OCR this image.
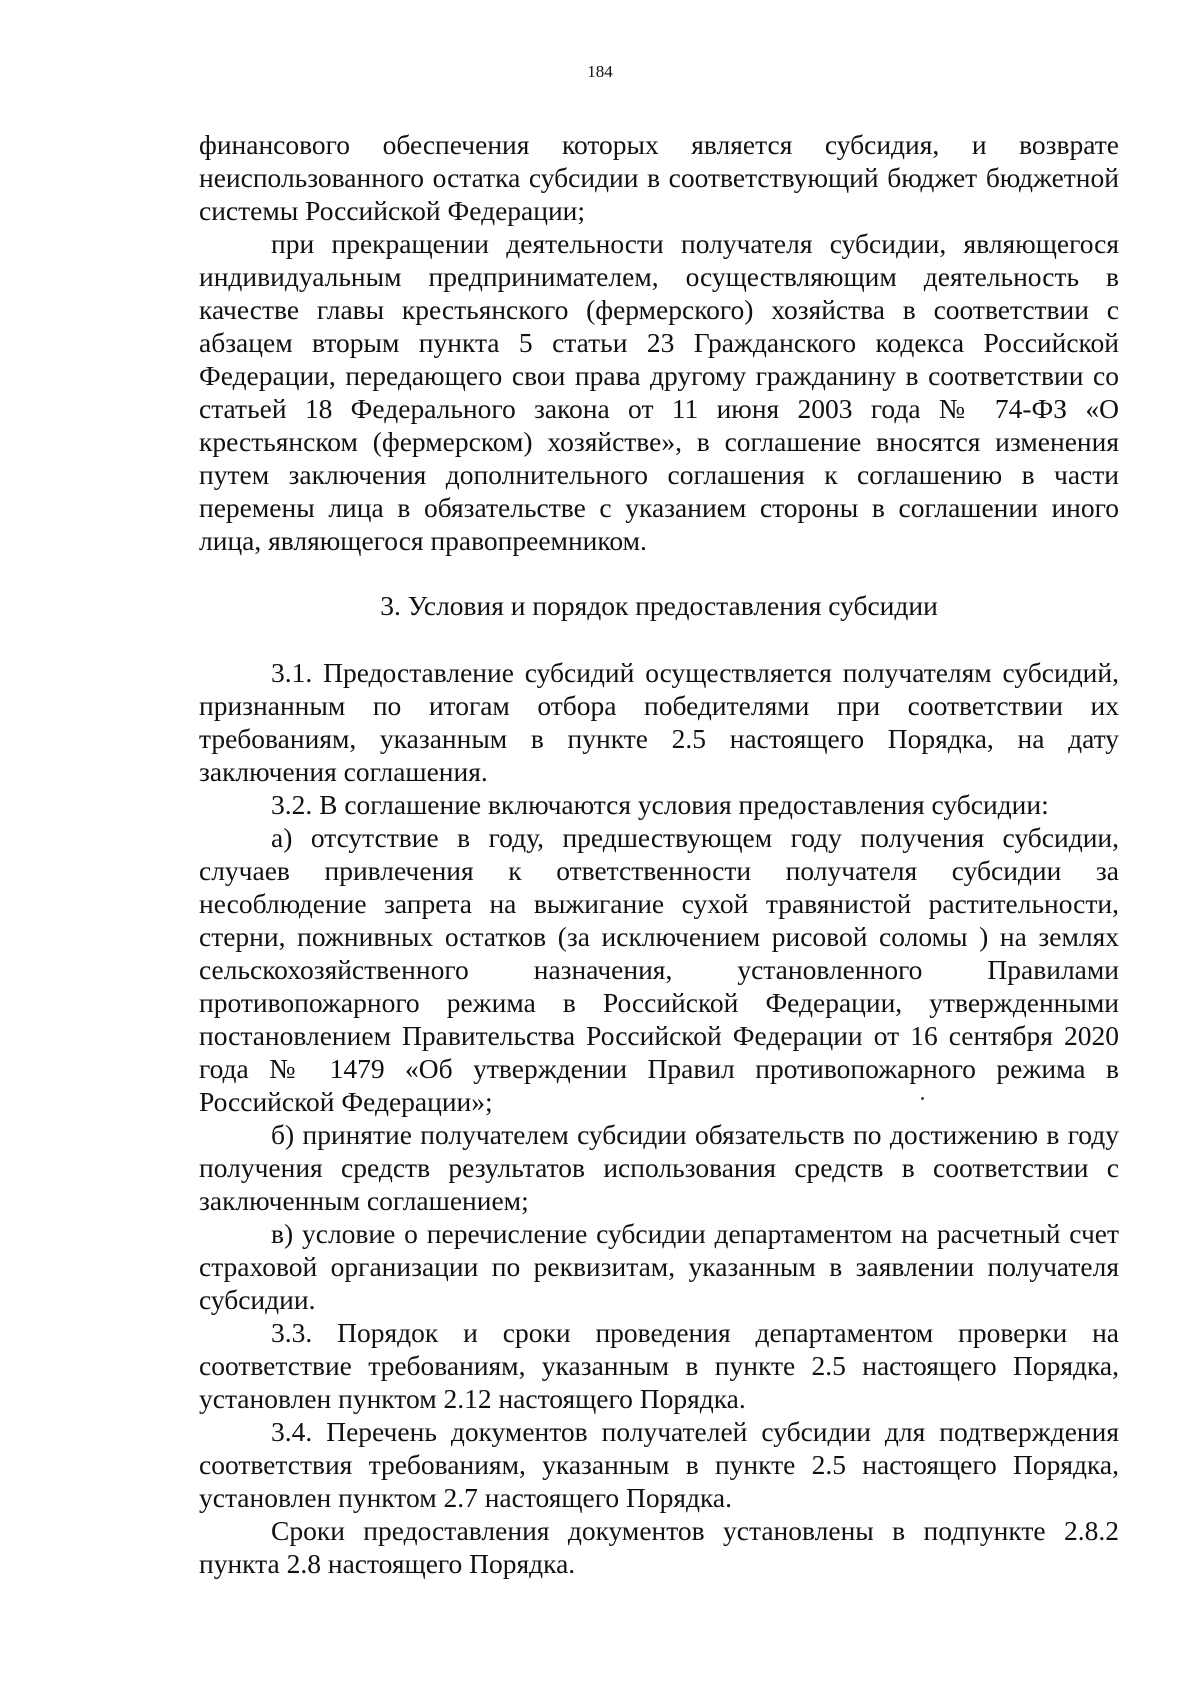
184

финансового обеспечения которых является субсидия, и возврате неиспользованного остатка субсидии в соответствующий бюджет бюджетной системы Российской Федерации;

при прекращении деятельности получателя субсидии, являющегося индивидуальным предпринимателем, осуществляющим деятельность в качестве главы крестьянского (фермерского) хозяйства в соответствии с абзацем вторым пункта 5 статьи 23 Гражданского кодекса Российской Федерации, передающего свои права другому гражданину в соответствии со статьей 18 Федерального закона от 11 июня 2003 года № 74-ФЗ «О крестьянском (фермерском) хозяйстве», в соглашение вносятся изменения путем заключения дополнительного соглашения к соглашению в части перемены лица в обязательстве с указанием стороны в соглашении иного лица, являющегося правопреемником.

3. Условия и порядок предоставления субсидии

3.1. Предоставление субсидий осуществляется получателям субсидий, признанным по итогам отбора победителями при соответствии их требованиям, указанным в пункте 2.5 настоящего Порядка, на дату заключения соглашения.

3.2. В соглашение включаются условия предоставления субсидии:

а) отсутствие в году, предшествующем году получения субсидии, случаев привлечения к ответственности получателя субсидии за несоблюдение запрета на выжигание сухой травянистой растительности, стерни, пожнивных остатков (за исключением рисовой соломы ) на землях сельскохозяйственного назначения, установленного Правилами противопожарного режима в Российской Федерации, утвержденными постановлением Правительства Российской Федерации от 16 сентября 2020 года № 1479 «Об утверждении Правил противопожарного режима в Российской Федерации»;

б) принятие получателем субсидии обязательств по достижению в году получения средств результатов использования средств в соответствии с заключенным соглашением;

в) условие о перечисление субсидии департаментом на расчетный счет страховой организации по реквизитам, указанным в заявлении получателя субсидии.

3.3. Порядок и сроки проведения департаментом проверки на соответствие требованиям, указанным в пункте 2.5 настоящего Порядка, установлен пунктом 2.12 настоящего Порядка.

3.4. Перечень документов получателей субсидии для подтверждения соответствия требованиям, указанным в пункте 2.5 настоящего Порядка, установлен пунктом 2.7 настоящего Порядка.

Сроки предоставления документов установлены в подпункте 2.8.2 пункта 2.8 настоящего Порядка.
